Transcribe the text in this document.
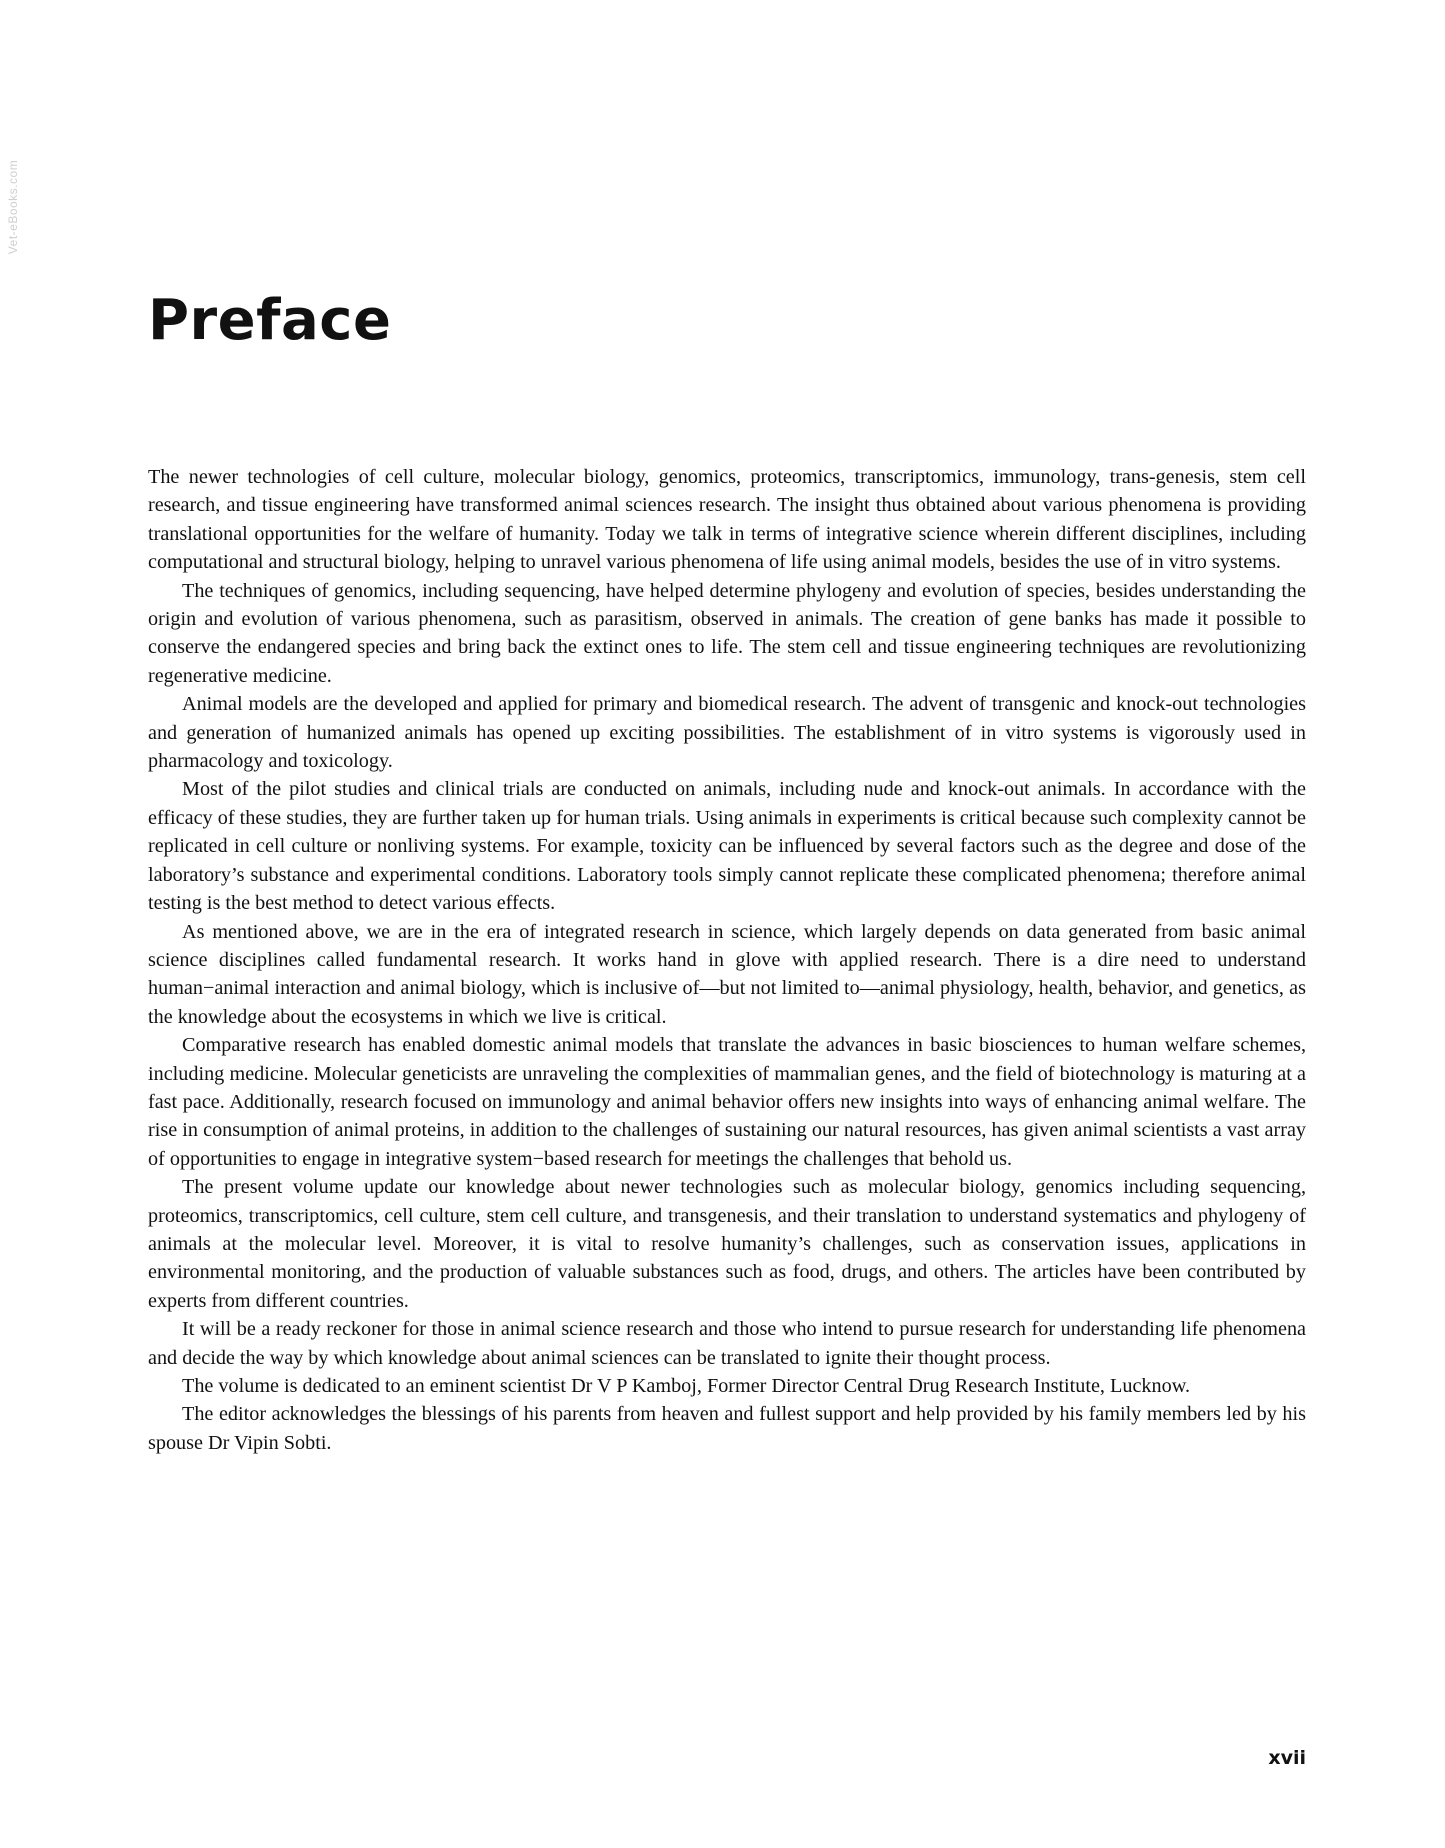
Vet-eBooks.com
Preface

The newer technologies of cell culture, molecular biology, genomics, proteomics, transcriptomics, immunology, trans-genesis, stem cell research, and tissue engineering have transformed animal sciences research. The insight thus obtained about various phenomena is providing translational opportunities for the welfare of humanity. Today we talk in terms of integrative science wherein different disciplines, including computational and structural biology, helping to unravel various phenomena of life using animal models, besides the use of in vitro systems.

The techniques of genomics, including sequencing, have helped determine phylogeny and evolution of species, besides understanding the origin and evolution of various phenomena, such as parasitism, observed in animals. The creation of gene banks has made it possible to conserve the endangered species and bring back the extinct ones to life. The stem cell and tissue engineering techniques are revolutionizing regenerative medicine.

Animal models are the developed and applied for primary and biomedical research. The advent of transgenic and knock-out technologies and generation of humanized animals has opened up exciting possibilities. The establishment of in vitro systems is vigorously used in pharmacology and toxicology.

Most of the pilot studies and clinical trials are conducted on animals, including nude and knock-out animals. In accordance with the efficacy of these studies, they are further taken up for human trials. Using animals in experiments is critical because such complexity cannot be replicated in cell culture or nonliving systems. For example, toxicity can be influenced by several factors such as the degree and dose of the laboratory’s substance and experimental conditions. Laboratory tools simply cannot replicate these complicated phenomena; therefore animal testing is the best method to detect various effects.

As mentioned above, we are in the era of integrated research in science, which largely depends on data generated from basic animal science disciplines called fundamental research. It works hand in glove with applied research. There is a dire need to understand human−animal interaction and animal biology, which is inclusive of—but not limited to—animal physiology, health, behavior, and genetics, as the knowledge about the ecosystems in which we live is critical.

Comparative research has enabled domestic animal models that translate the advances in basic biosciences to human welfare schemes, including medicine. Molecular geneticists are unraveling the complexities of mammalian genes, and the field of biotechnology is maturing at a fast pace. Additionally, research focused on immunology and animal behavior offers new insights into ways of enhancing animal welfare. The rise in consumption of animal proteins, in addition to the challenges of sustaining our natural resources, has given animal scientists a vast array of opportunities to engage in integrative system−based research for meetings the challenges that behold us.

The present volume update our knowledge about newer technologies such as molecular biology, genomics including sequencing, proteomics, transcriptomics, cell culture, stem cell culture, and transgenesis, and their translation to understand systematics and phylogeny of animals at the molecular level. Moreover, it is vital to resolve humanity’s challenges, such as conservation issues, applications in environmental monitoring, and the production of valuable substances such as food, drugs, and others. The articles have been contributed by experts from different countries.

It will be a ready reckoner for those in animal science research and those who intend to pursue research for understanding life phenomena and decide the way by which knowledge about animal sciences can be translated to ignite their thought process.

The volume is dedicated to an eminent scientist Dr V P Kamboj, Former Director Central Drug Research Institute, Lucknow.

The editor acknowledges the blessings of his parents from heaven and fullest support and help provided by his family members led by his spouse Dr Vipin Sobti.

xvii
